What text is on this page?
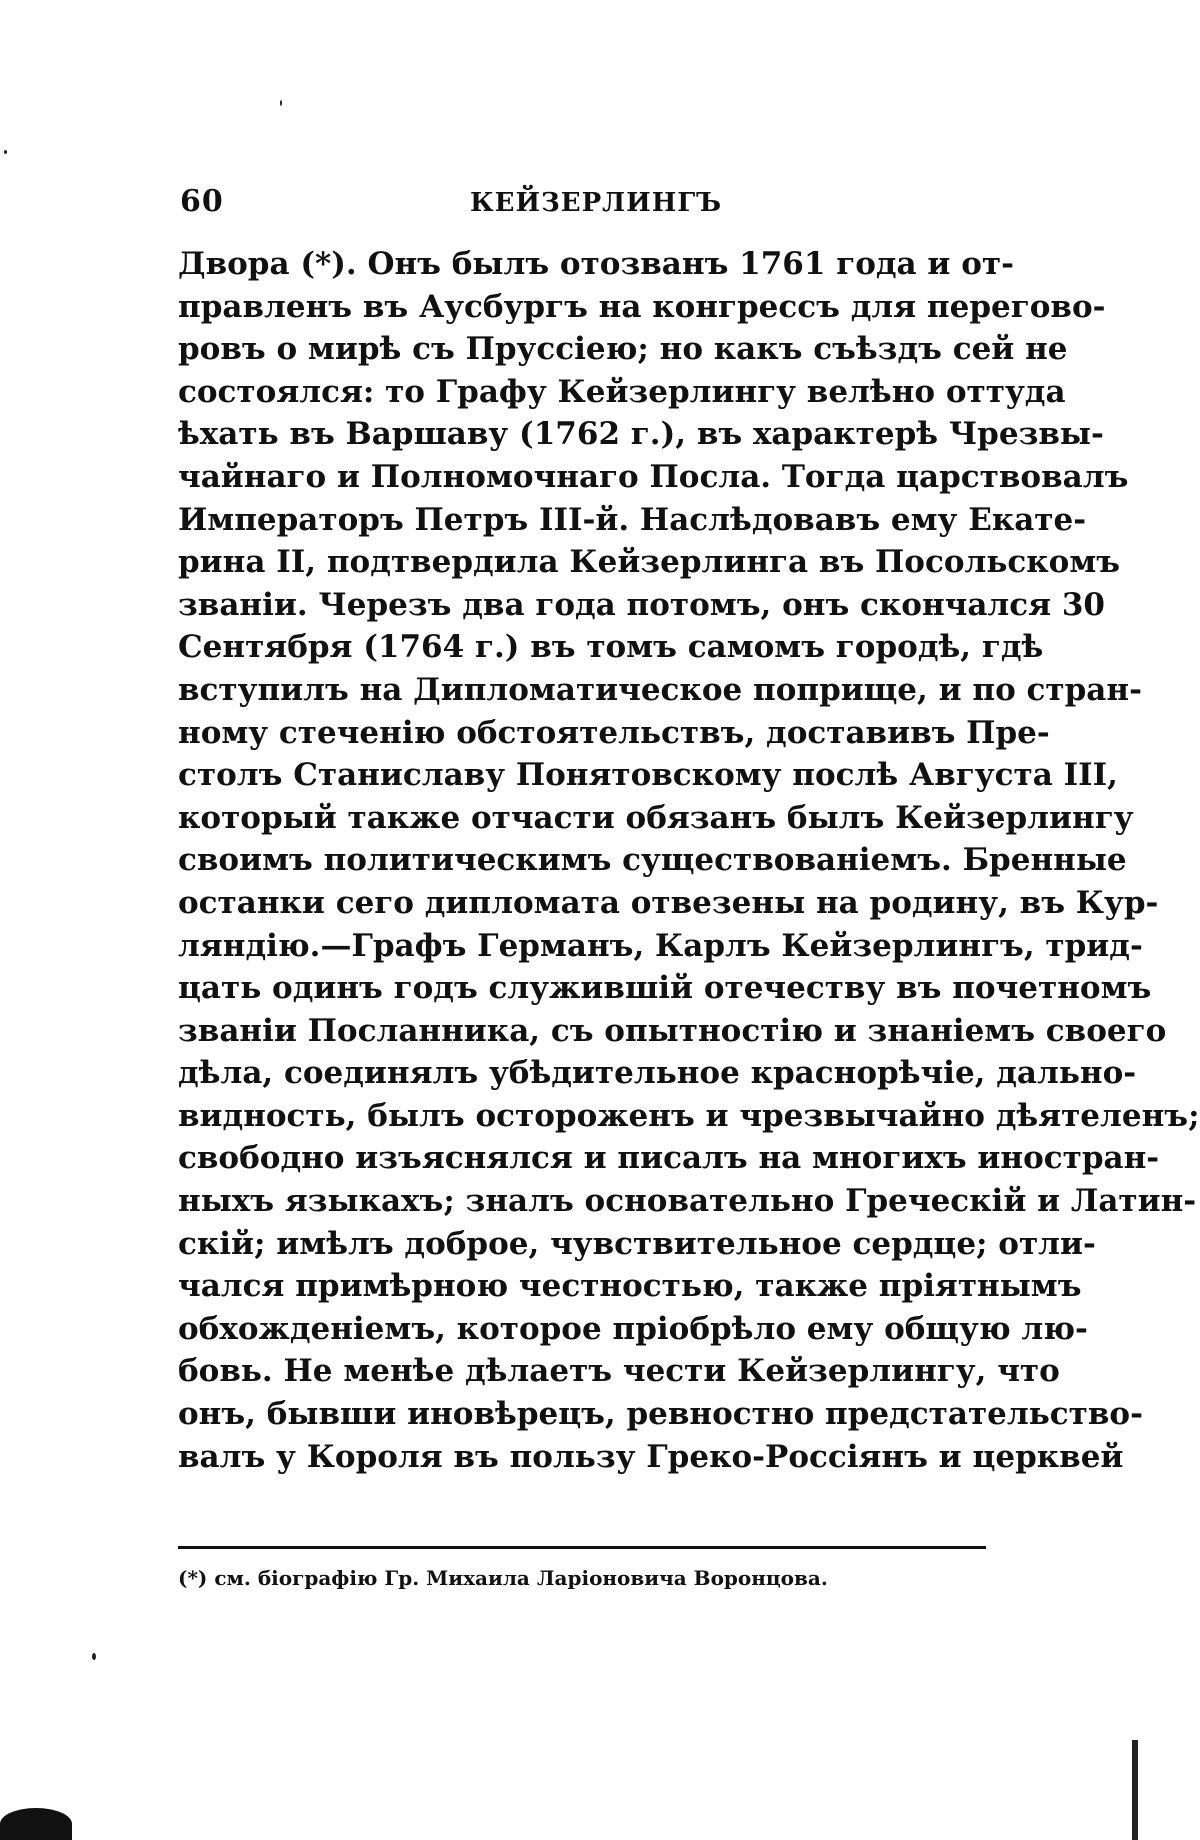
60	КЕЙЗЕРЛИНГЪ
Двора (*). Онъ былъ отозванъ 1761 года и от-
правленъ въ Аусбургъ на конгрессъ для перегово-
ровъ о мирѣ съ Пруссіею; но какъ съѣздъ сей не
состоялся: то Графу Кейзерлингу велѣно оттуда
ѣхать въ Варшаву (1762 г.), въ характерѣ Чрезвы-
чайнаго и Полномочнаго Посла. Тогда царствовалъ
Императоръ Петръ III-й. Наслѣдовавъ ему Екате-
рина II, подтвердила Кейзерлинга въ Посольскомъ
званіи. Черезъ два года потомъ, онъ скончался 30
Сентября (1764 г.) въ томъ самомъ городѣ, гдѣ
вступилъ на Дипломатическое поприще, и по стран-
ному стеченію обстоятельствъ, доставивъ Пре-
столъ Станиславу Понятовскому послѣ Августа III,
который также отчасти обязанъ былъ Кейзерлингу
своимъ политическимъ существованіемъ. Бренные
останки сего дипломата отвезены на родину, въ Кур-
ляндію.—Графъ Германъ, Карлъ Кейзерлингъ, трид-
цать одинъ годъ служившій отечеству въ почетномъ
званіи Посланника, съ опытностію и знаніемъ своего
дѣла, соединялъ убѣдительное краснорѣчіе, дально-
видность, былъ остороженъ и чрезвычайно дѣятеленъ;
свободно изъяснялся и писалъ на многихъ иностран-
ныхъ языкахъ; зналъ основательно Греческій и Латин-
скій; имѣлъ доброе, чувствительное сердце; отли-
чался примѣрною честностью, также пріятнымъ
обхожденіемъ, которое пріобрѣло ему общую лю-
бовь. Не менѣе дѣлаетъ чести Кейзерлингу, что
онъ, бывши иновѣрецъ, ревностно предстательство-
валъ у Короля въ пользу Греко-Россіянъ и церквей
(*) см. біографію Гр. Михаила Ларіоновича Воронцова.
